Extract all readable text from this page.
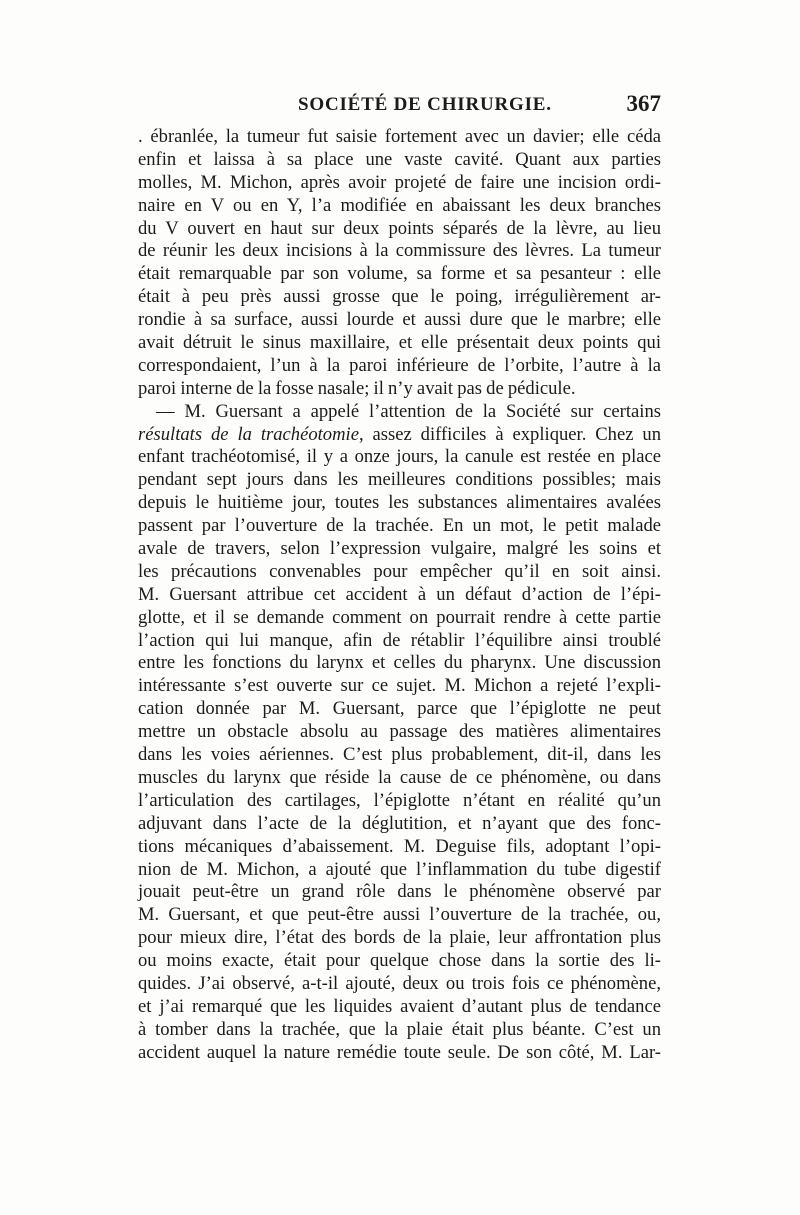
SOCIÉTÉ DE CHIRURGIE.	367
. ébranlée, la tumeur fut saisie fortement avec un davier; elle céda
enfin et laissa à sa place une vaste cavité. Quant aux parties
molles, M. Michon, après avoir projeté de faire une incision ordi-
naire en V ou en Y, l’a modifiée en abaissant les deux branches
du V ouvert en haut sur deux points séparés de la lèvre, au lieu
de réunir les deux incisions à la commissure des lèvres. La tumeur
était remarquable par son volume, sa forme et sa pesanteur : elle
était à peu près aussi grosse que le poing, irrégulièrement ar-
rondie à sa surface, aussi lourde et aussi dure que le marbre; elle
avait détruit le sinus maxillaire, et elle présentait deux points qui
correspondaient, l’un à la paroi inférieure de l’orbite, l’autre à la
paroi interne de la fosse nasale; il n’y avait pas de pédicule.
— M. Guersant a appelé l’attention de la Société sur certains
résultats de la trachéotomie, assez difficiles à expliquer. Chez un
enfant trachéotomisé, il y a onze jours, la canule est restée en place
pendant sept jours dans les meilleures conditions possibles; mais
depuis le huitième jour, toutes les substances alimentaires avalées
passent par l’ouverture de la trachée. En un mot, le petit malade
avale de travers, selon l’expression vulgaire, malgré les soins et
les précautions convenables pour empêcher qu’il en soit ainsi.
M. Guersant attribue cet accident à un défaut d’action de l’épi-
glotte, et il se demande comment on pourrait rendre à cette partie
l’action qui lui manque, afin de rétablir l’équilibre ainsi troublé
entre les fonctions du larynx et celles du pharynx. Une discussion
intéressante s’est ouverte sur ce sujet. M. Michon a rejeté l’expli-
cation donnée par M. Guersant, parce que l’épiglotte ne peut
mettre un obstacle absolu au passage des matières alimentaires
dans les voies aériennes. C’est plus probablement, dit-il, dans les
muscles du larynx que réside la cause de ce phénomène, ou dans
l’articulation des cartilages, l’épiglotte n’étant en réalité qu’un
adjuvant dans l’acte de la déglutition, et n’ayant que des fonc-
tions mécaniques d’abaissement. M. Deguise fils, adoptant l’opi-
nion de M. Michon, a ajouté que l’inflammation du tube digestif
jouait peut-être un grand rôle dans le phénomène observé par
M. Guersant, et que peut-être aussi l’ouverture de la trachée, ou,
pour mieux dire, l’état des bords de la plaie, leur affrontation plus
ou moins exacte, était pour quelque chose dans la sortie des li-
quides. J’ai observé, a-t-il ajouté, deux ou trois fois ce phénomène,
et j’ai remarqué que les liquides avaient d’autant plus de tendance
à tomber dans la trachée, que la plaie était plus béante. C’est un
accident auquel la nature remédie toute seule. De son côté, M. Lar-
